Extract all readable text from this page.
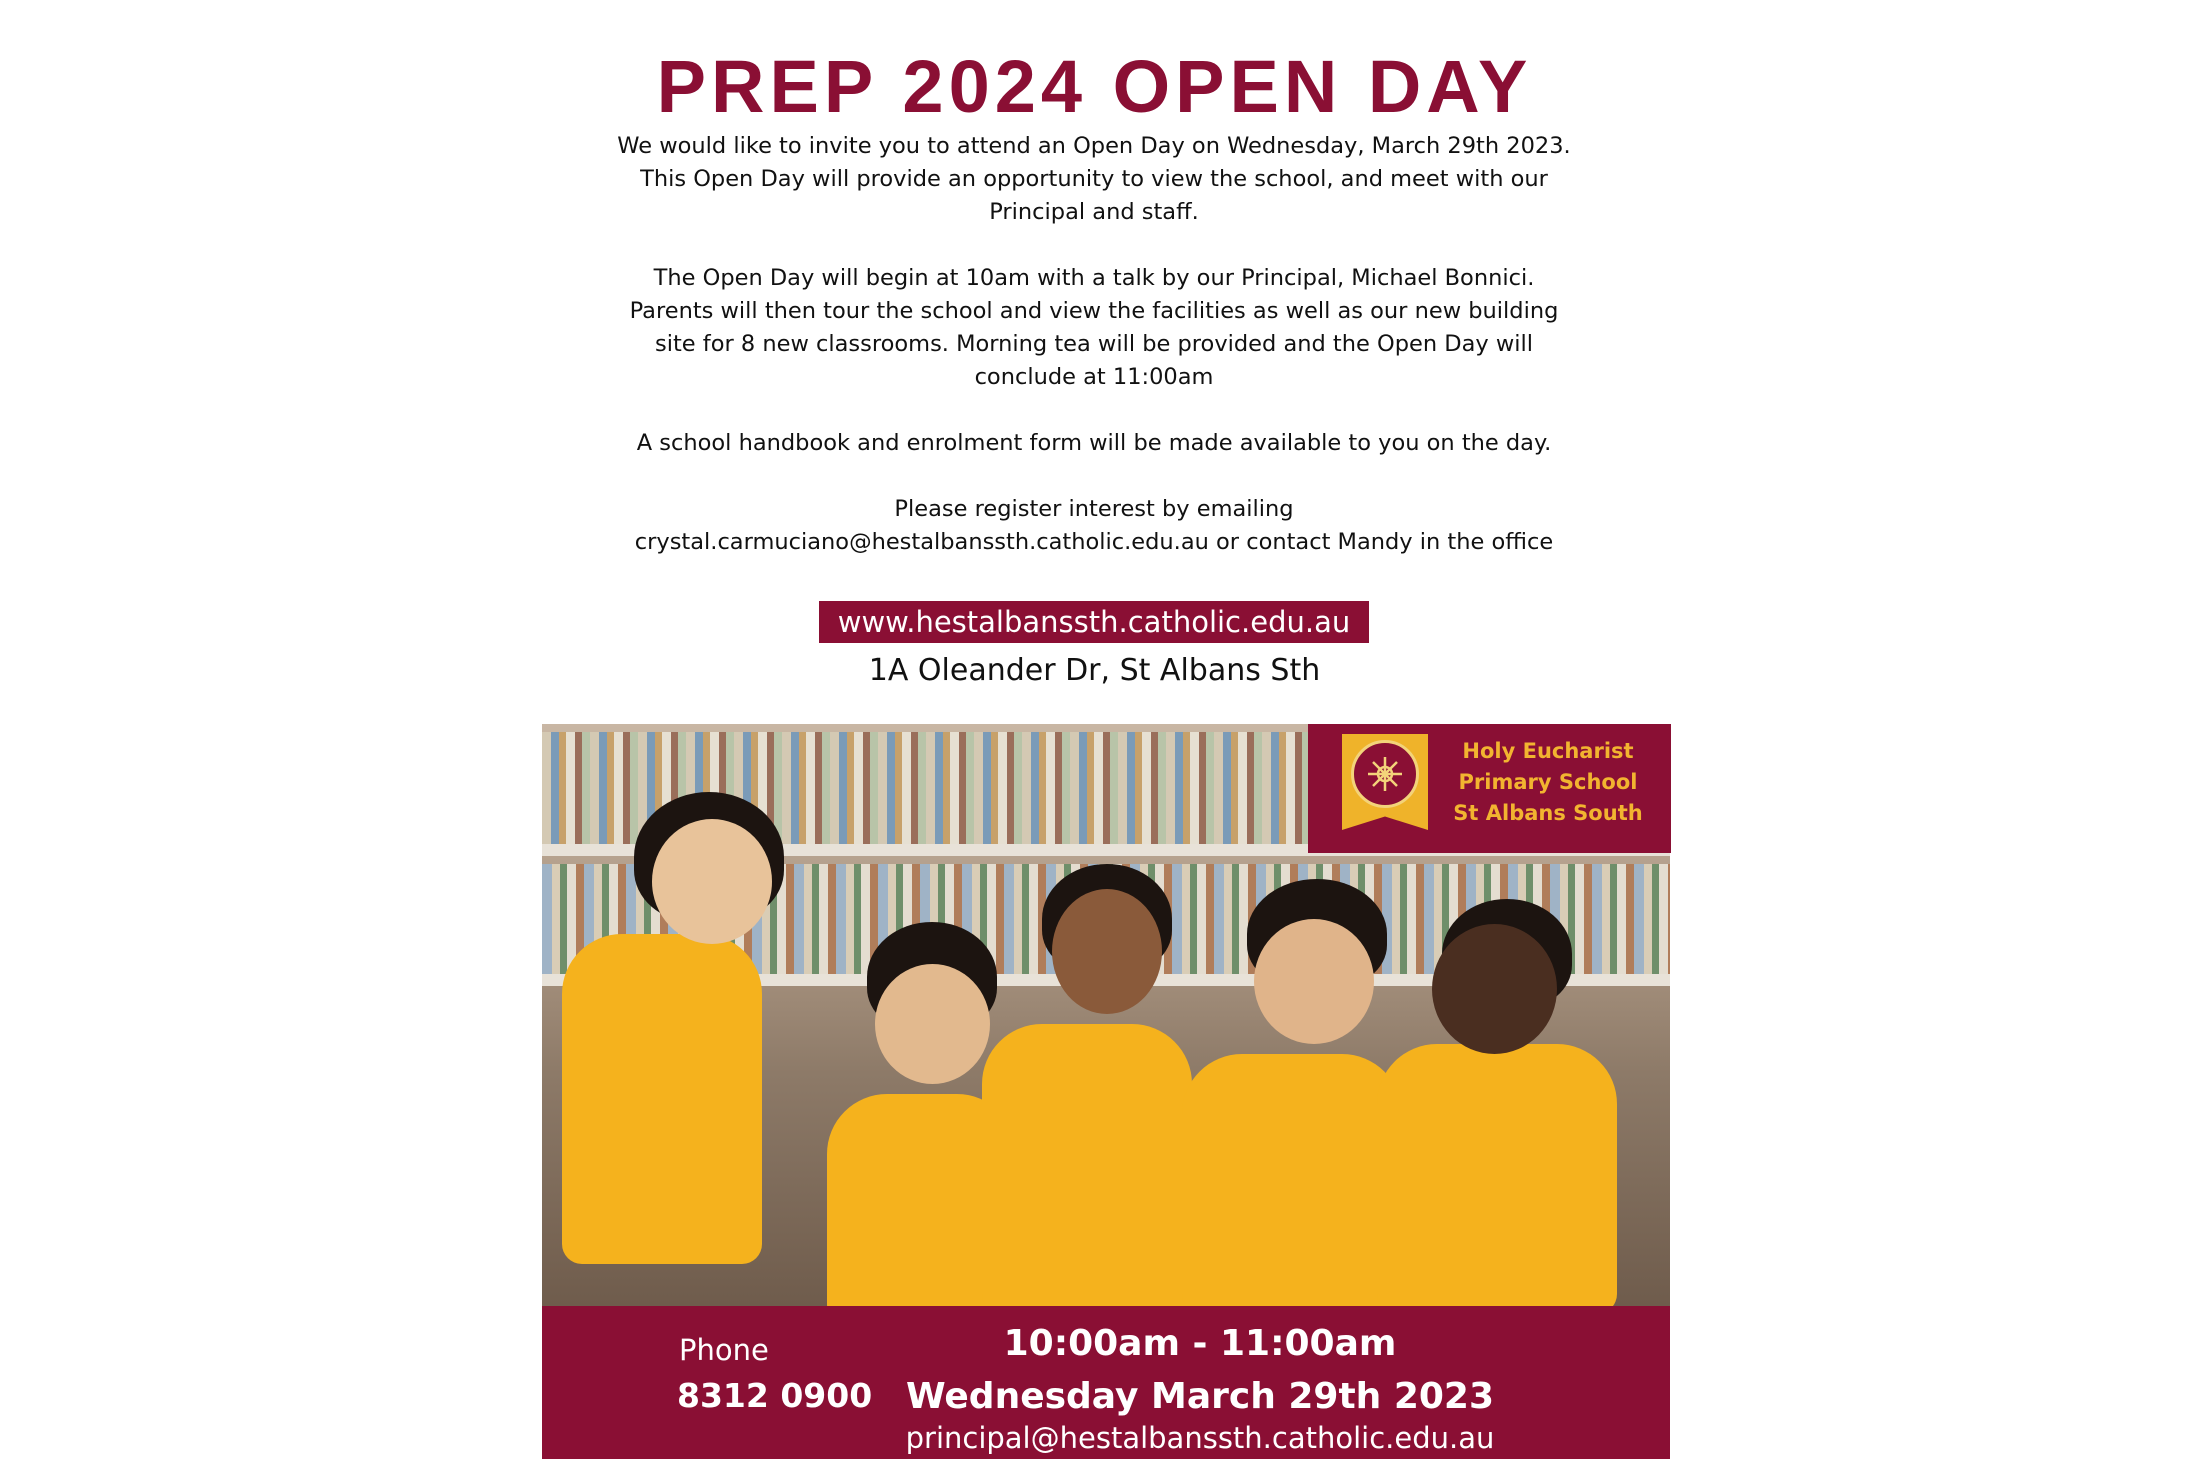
PREP 2024 OPEN DAY

We would like to invite you to attend an Open Day on Wednesday, March 29th 2023.
This Open Day will provide an opportunity to view the school, and meet with our
Principal and staff.

The Open Day will begin at 10am with a talk by our Principal, Michael Bonnici.
Parents will then tour the school and view the facilities as well as our new building
site for 8 new classrooms. Morning tea will be provided and the Open Day will
conclude at 11:00am

A school handbook and enrolment form will be made available to you on the day.

Please register interest by emailing
crystal.carmuciano@hestalbanssth.catholic.edu.au or contact Mandy in the office

www.hestalbanssth.catholic.edu.au
1A Oleander Dr, St Albans Sth
Holy Eucharist
Primary School
St Albans South
Phone
8312 0900
10:00am - 11:00am
Wednesday March 29th 2023
principal@hestalbanssth.catholic.edu.au
